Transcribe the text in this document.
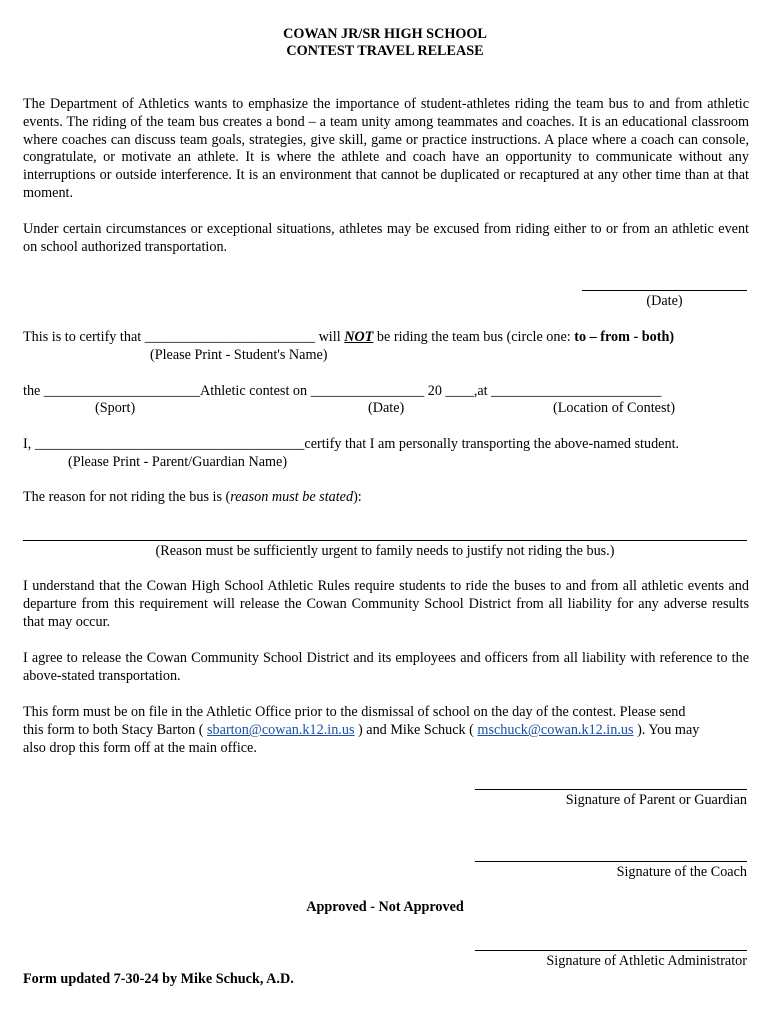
COWAN JR/SR HIGH SCHOOL
CONTEST TRAVEL RELEASE
The Department of Athletics wants to emphasize the importance of student-athletes riding the team bus to and from athletic events. The riding of the team bus creates a bond – a team unity among teammates and coaches. It is an educational classroom where coaches can discuss team goals, strategies, give skill, game or practice instructions. A place where a coach can console, congratulate, or motivate an athlete. It is where the athlete and coach have an opportunity to communicate without any interruptions or outside interference. It is an environment that cannot be duplicated or recaptured at any other time than at that moment.
Under certain circumstances or exceptional situations, athletes may be excused from riding either to or from an athletic event on school authorized transportation.
(Date)
This is to certify that ________________________ will NOT be riding the team bus (circle one: to – from - both)
(Please Print - Student's Name)
the ______________________Athletic contest on ________________ 20 ____,at ________________________
(Sport)	(Date)	(Location of Contest)
I, ______________________________________certify that I am personally transporting the above-named student.
(Please Print - Parent/Guardian Name)
The reason for not riding the bus is (reason must be stated):
(Reason must be sufficiently urgent to family needs to justify not riding the bus.)
I understand that the Cowan High School Athletic Rules require students to ride the buses to and from all athletic events and departure from this requirement will release the Cowan Community School District from all liability for any adverse results that may occur.
I agree to release the Cowan Community School District and its employees and officers from all liability with reference to the above-stated transportation.
This form must be on file in the Athletic Office prior to the dismissal of school on the day of the contest. Please send
this form to both Stacy Barton ( sbarton@cowan.k12.in.us ) and Mike Schuck ( mschuck@cowan.k12.in.us ). You may
also drop this form off at the main office.
Signature of Parent or Guardian
Signature of the Coach
Approved - Not Approved
Signature of Athletic Administrator
Form updated 7-30-24 by Mike Schuck, A.D.
